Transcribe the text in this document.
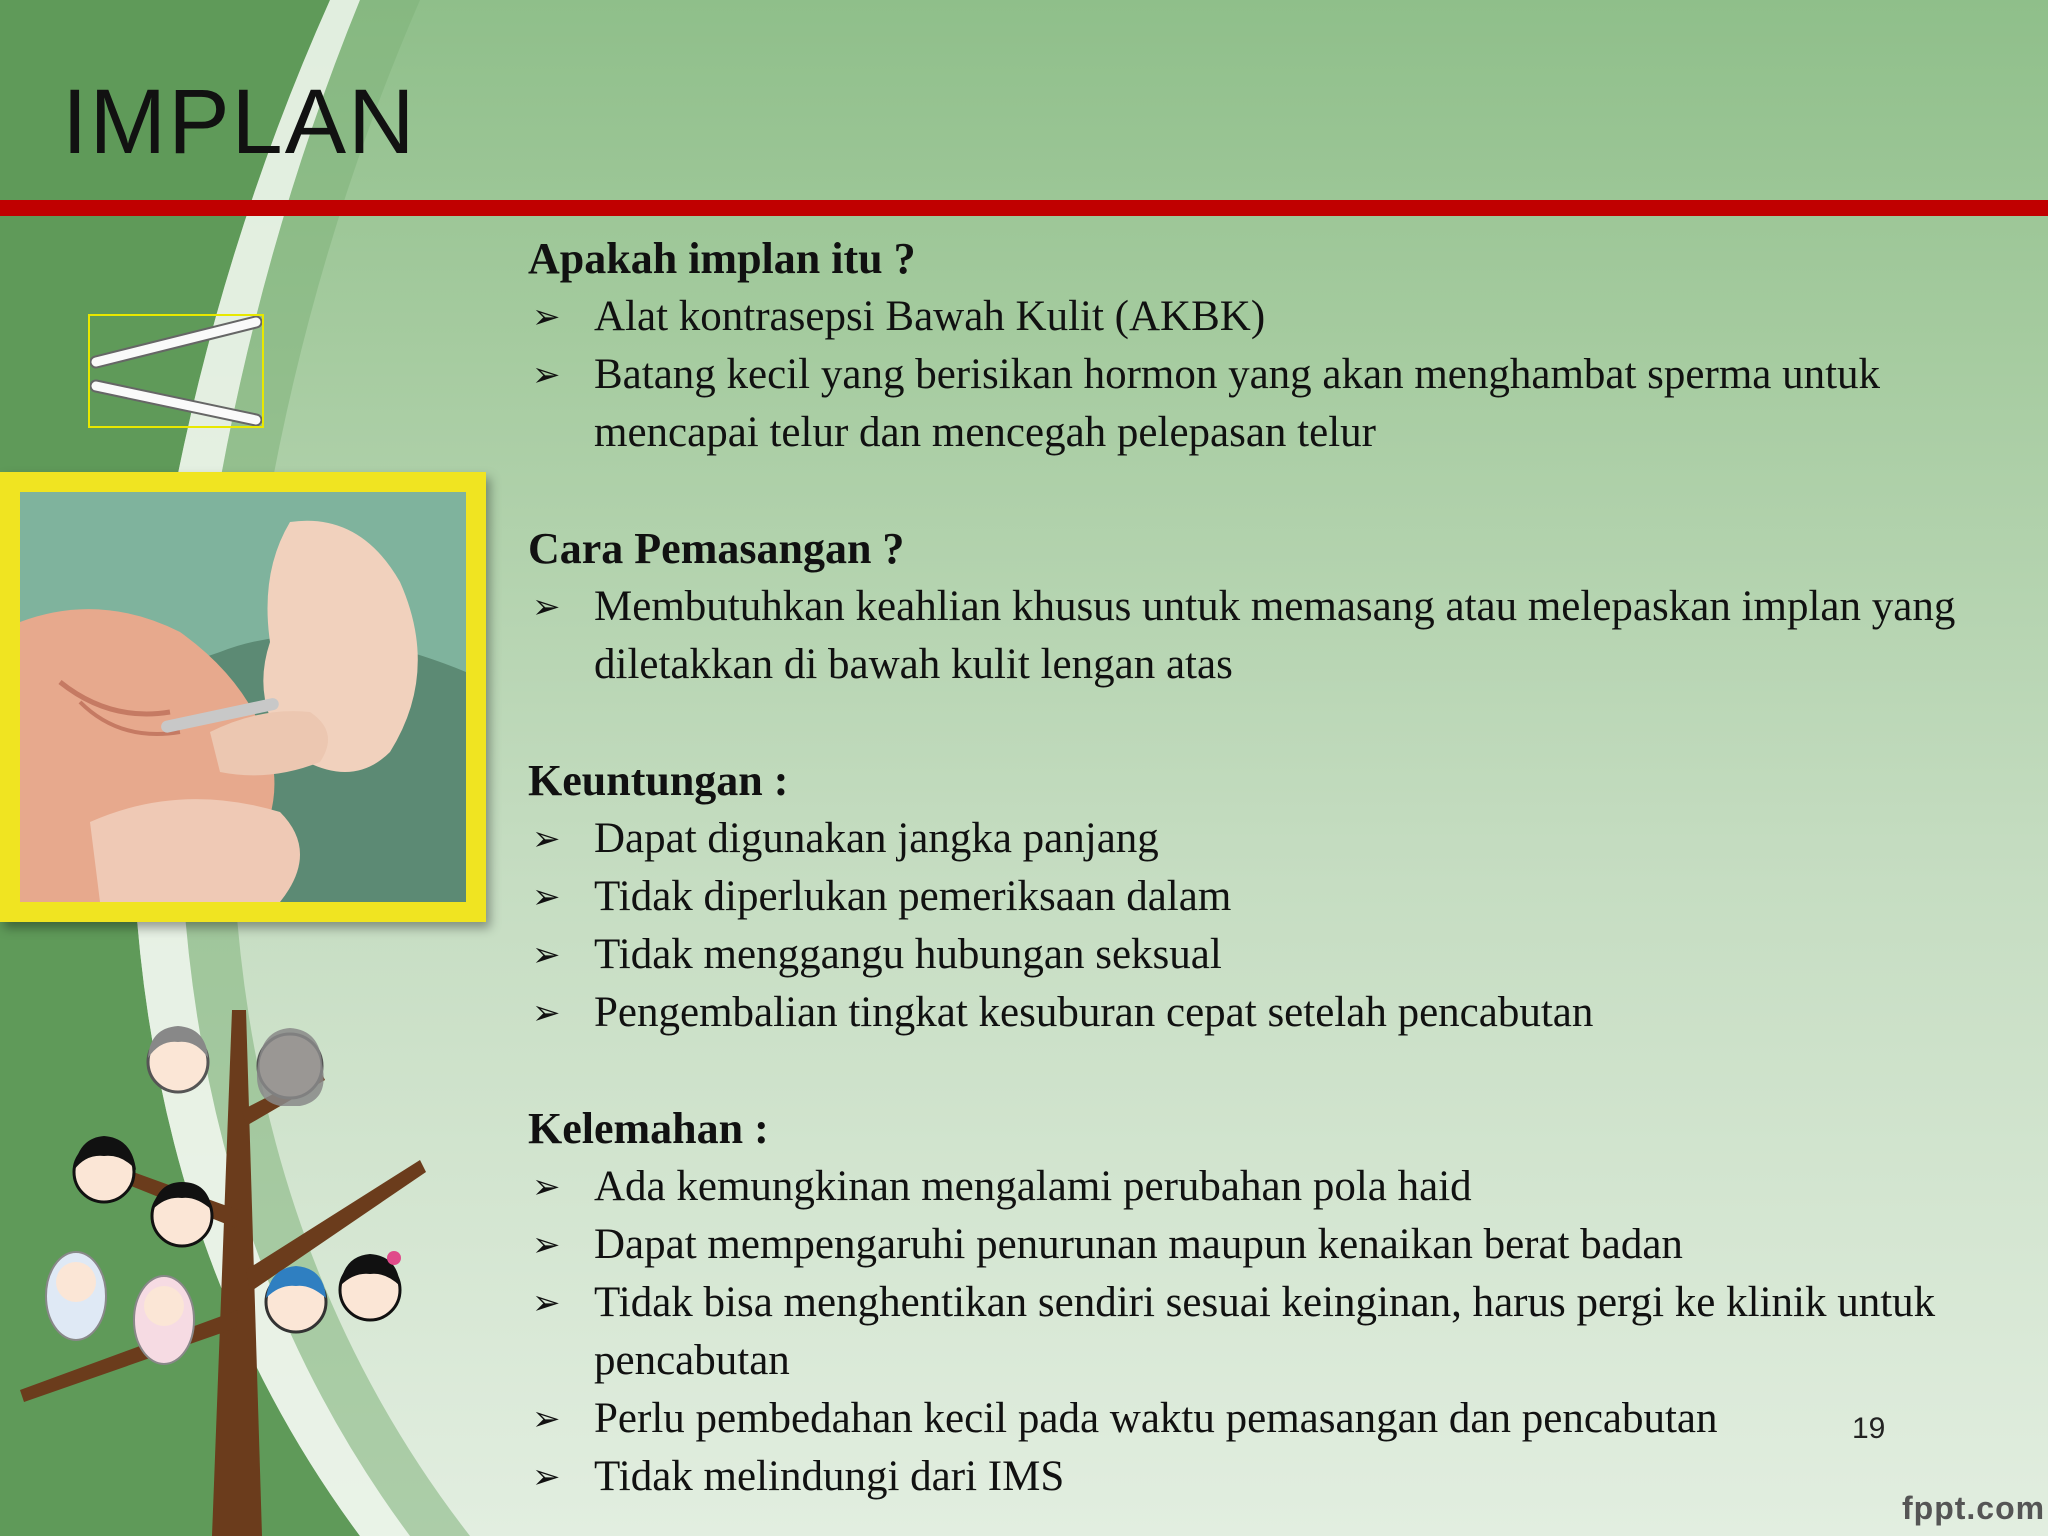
IMPLAN

Apakah implan itu ?

➢ Alat kontrasepsi Bawah Kulit (AKBK)
➢ Batang kecil yang berisikan hormon yang akan menghambat sperma untuk mencapai telur dan mencegah pelepasan telur

Cara Pemasangan ?

➢ Membutuhkan keahlian khusus untuk memasang atau melepaskan implan yang diletakkan di bawah kulit lengan atas

Keuntungan :

➢ Dapat digunakan jangka panjang
➢ Tidak diperlukan pemeriksaan dalam
➢ Tidak menggangu hubungan seksual
➢ Pengembalian tingkat kesuburan cepat setelah pencabutan

Kelemahan :

➢ Ada kemungkinan mengalami perubahan pola haid
➢ Dapat mempengaruhi penurunan maupun kenaikan berat badan
➢ Tidak bisa menghentikan sendiri sesuai keinginan, harus pergi ke klinik untuk pencabutan
➢ Perlu pembedahan kecil pada waktu pemasangan dan pencabutan
➢ Tidak melindungi dari IMS
19
fppt.com
